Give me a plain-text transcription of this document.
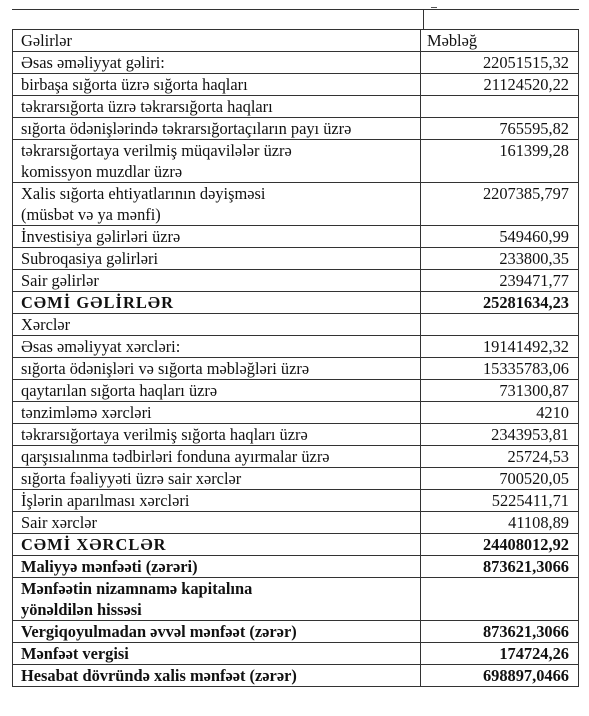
Gəlirlər	Məbləğ
Əsas əməliyyat gəliri:	22051515,32
birbaşa sığorta üzrə sığorta haqları	21124520,22
təkrarsığorta üzrə təkrarsığorta haqları	
sığorta ödənişlərində təkrarsığortaçıların payı üzrə	765595,82
təkrarsığortaya verilmiş müqavilələr üzrə
komissyon muzdlar üzrə	161399,28
Xalis sığorta ehtiyatlarının dəyişməsi
(müsbət və ya mənfi)	2207385,797
İnvestisiya gəlirləri üzrə	549460,99
Subroqasiya gəlirləri	233800,35
Sair gəlirlər	239471,77
CƏMİ GƏLİRLƏR	25281634,23
Xərclər	
Əsas əməliyyat xərcləri:	19141492,32
sığorta ödənişləri və sığorta məbləğləri üzrə	15335783,06
qaytarılan sığorta haqları üzrə	731300,87
tənzimləmə xərcləri	4210
təkrarsığortaya verilmiş sığorta haqları üzrə	2343953,81
qarşısıalınma tədbirləri fonduna ayırmalar üzrə	25724,53
sığorta fəaliyyəti üzrə sair xərclər	700520,05
İşlərin aparılması xərcləri	5225411,71
Sair xərclər	41108,89
CƏMİ XƏRCLƏR	24408012,92
Maliyyə mənfəəti (zərəri)	873621,3066
Mənfəətin nizamnamə kapitalına
yönəldilən hissəsi	
Vergiqoyulmadan əvvəl mənfəət (zərər)	873621,3066
Mənfəət vergisi	174724,26
Hesabat dövründə xalis mənfəət (zərər)	698897,0466
